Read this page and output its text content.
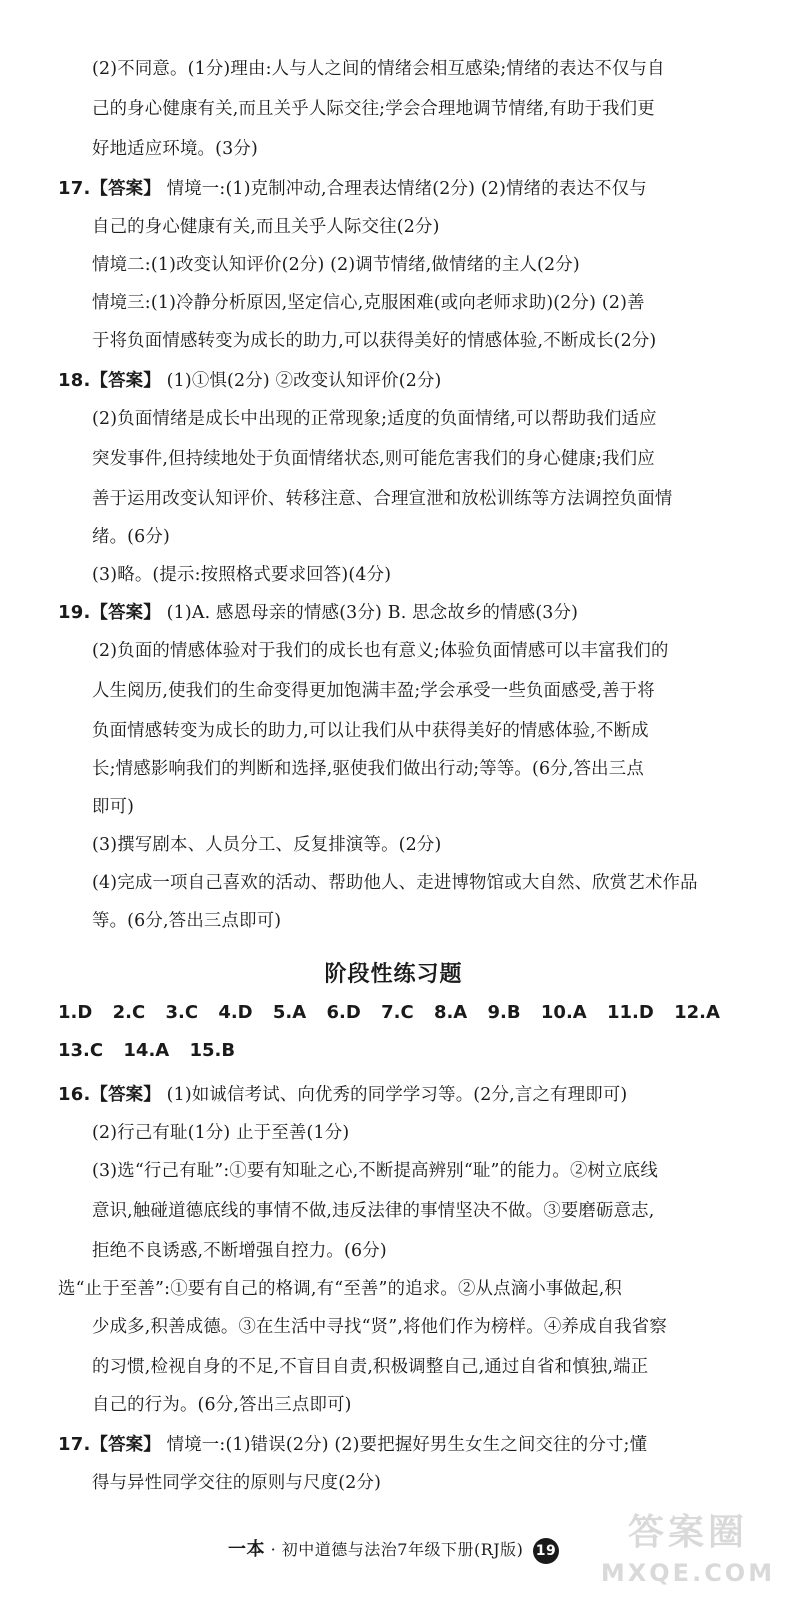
(2)不同意。(1分)理由:人与人之间的情绪会相互感染;情绪的表达不仅与自
己的身心健康有关,而且关乎人际交往;学会合理地调节情绪,有助于我们更
好地适应环境。(3分)
17.【答案】 情境一:(1)克制冲动,合理表达情绪(2分) (2)情绪的表达不仅与
自己的身心健康有关,而且关乎人际交往(2分)
情境二:(1)改变认知评价(2分) (2)调节情绪,做情绪的主人(2分)
情境三:(1)冷静分析原因,坚定信心,克服困难(或向老师求助)(2分) (2)善
于将负面情感转变为成长的助力,可以获得美好的情感体验,不断成长(2分)
18.【答案】 (1)①惧(2分) ②改变认知评价(2分)
(2)负面情绪是成长中出现的正常现象;适度的负面情绪,可以帮助我们适应
突发事件,但持续地处于负面情绪状态,则可能危害我们的身心健康;我们应
善于运用改变认知评价、转移注意、合理宣泄和放松训练等方法调控负面情
绪。(6分)
(3)略。(提示:按照格式要求回答)(4分)
19.【答案】 (1)A. 感恩母亲的情感(3分) B. 思念故乡的情感(3分)
(2)负面的情感体验对于我们的成长也有意义;体验负面情感可以丰富我们的
人生阅历,使我们的生命变得更加饱满丰盈;学会承受一些负面感受,善于将
负面情感转变为成长的助力,可以让我们从中获得美好的情感体验,不断成
长;情感影响我们的判断和选择,驱使我们做出行动;等等。(6分,答出三点
即可)
(3)撰写剧本、人员分工、反复排演等。(2分)
(4)完成一项自己喜欢的活动、帮助他人、走进博物馆或大自然、欣赏艺术作品
等。(6分,答出三点即可)
阶段性练习题
1.D 2.C 3.C 4.D 5.A 6.D 7.C 8.A 9.B 10.A 11.D 12.A
13.C 14.A 15.B
16.【答案】 (1)如诚信考试、向优秀的同学学习等。(2分,言之有理即可)
(2)行己有耻(1分) 止于至善(1分)
(3)选“行己有耻”:①要有知耻之心,不断提高辨别“耻”的能力。②树立底线
意识,触碰道德底线的事情不做,违反法律的事情坚决不做。③要磨砺意志,
拒绝不良诱惑,不断增强自控力。(6分)
选“止于至善”:①要有自己的格调,有“至善”的追求。②从点滴小事做起,积
少成多,积善成德。③在生活中寻找“贤”,将他们作为榜样。④养成自我省察
的习惯,检视自身的不足,不盲目自责,积极调整自己,通过自省和慎独,端正
自己的行为。(6分,答出三点即可)
17.【答案】 情境一:(1)错误(2分) (2)要把握好男生女生之间交往的分寸;懂
得与异性同学交往的原则与尺度(2分)
一本 · 初中道德与法治7年级下册(RJ版) 19	答案圈
MXQE.COM
